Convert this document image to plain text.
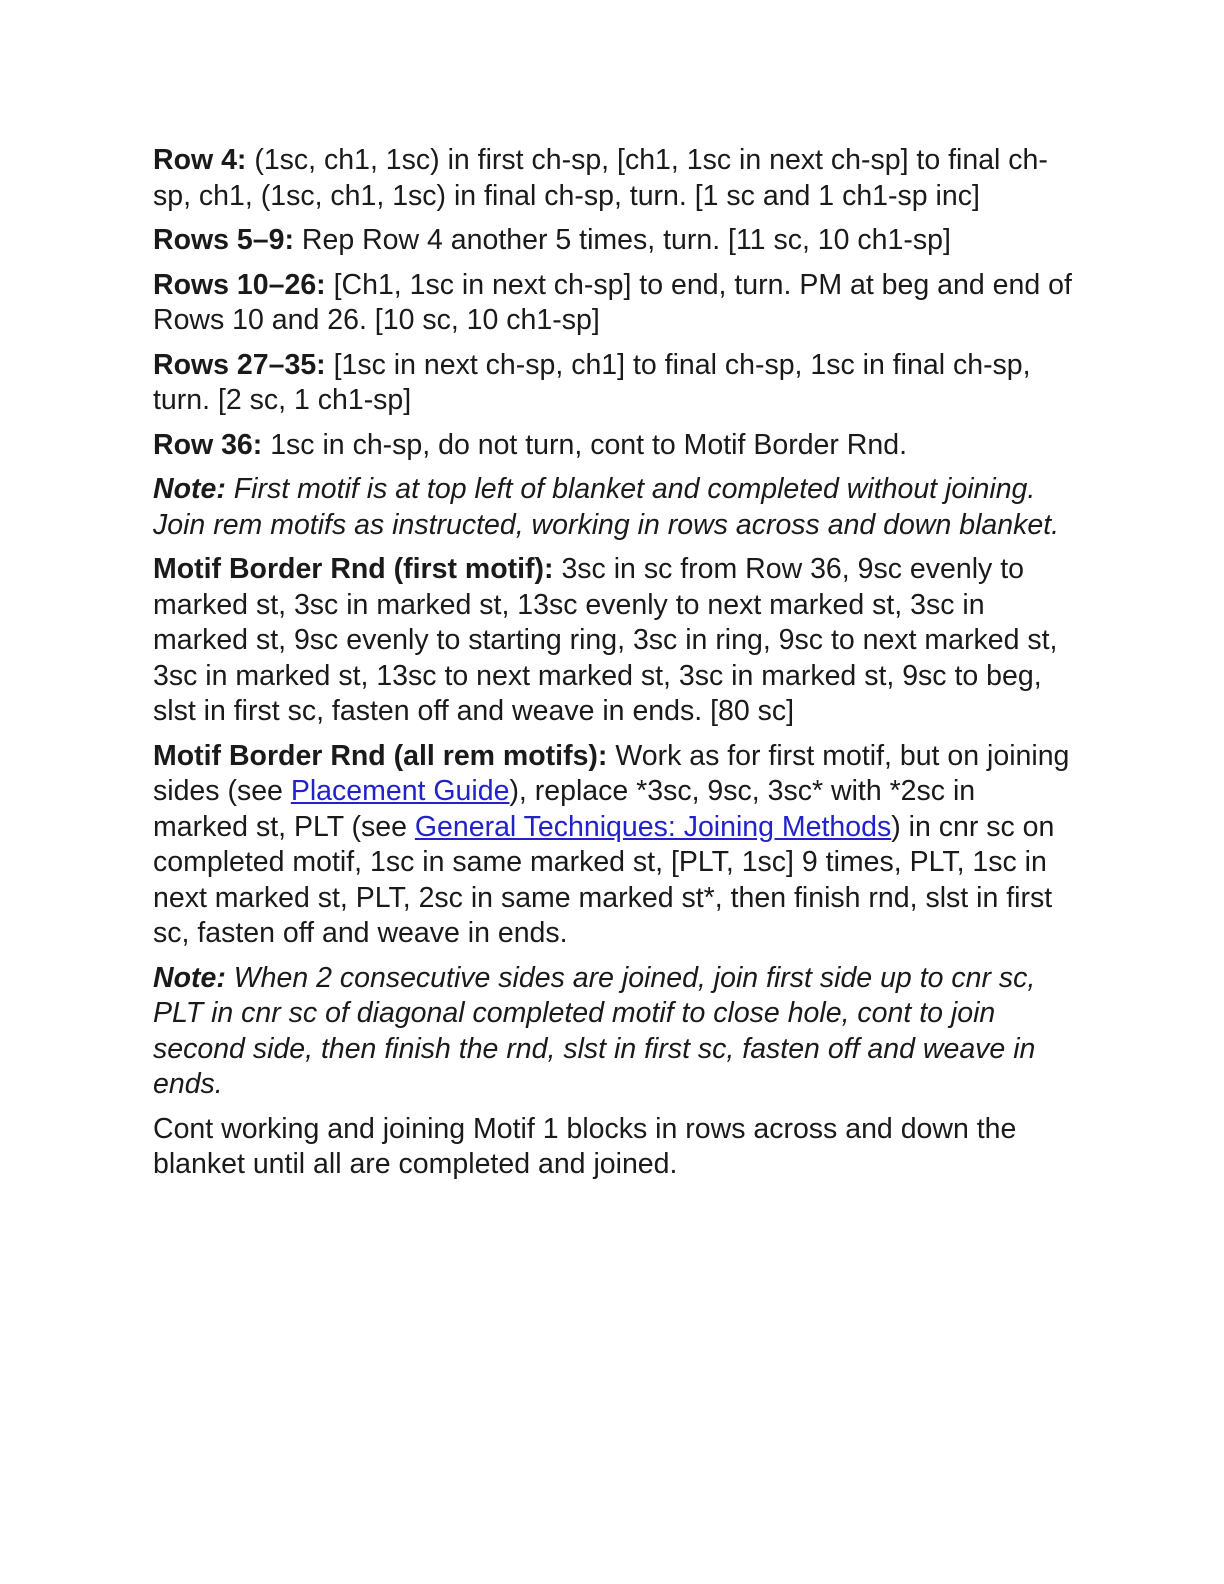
Row 4: (1sc, ch1, 1sc) in first ch-sp, [ch1, 1sc in next ch-sp] to final ch-sp, ch1, (1sc, ch1, 1sc) in final ch-sp, turn. [1 sc and 1 ch1-sp inc]

Rows 5–9: Rep Row 4 another 5 times, turn. [11 sc, 10 ch1-sp]

Rows 10–26: [Ch1, 1sc in next ch-sp] to end, turn. PM at beg and end of Rows 10 and 26. [10 sc, 10 ch1-sp]

Rows 27–35: [1sc in next ch-sp, ch1] to final ch-sp, 1sc in final ch-sp, turn. [2 sc, 1 ch1-sp]

Row 36: 1sc in ch-sp, do not turn, cont to Motif Border Rnd.

Note: First motif is at top left of blanket and completed without joining. Join rem motifs as instructed, working in rows across and down blanket.

Motif Border Rnd (first motif): 3sc in sc from Row 36, 9sc evenly to marked st, 3sc in marked st, 13sc evenly to next marked st, 3sc in marked st, 9sc evenly to starting ring, 3sc in ring, 9sc to next marked st, 3sc in marked st, 13sc to next marked st, 3sc in marked st, 9sc to beg, slst in first sc, fasten off and weave in ends. [80 sc]

Motif Border Rnd (all rem motifs): Work as for first motif, but on joining sides (see Placement Guide), replace *3sc, 9sc, 3sc* with *2sc in marked st, PLT (see General Techniques: Joining Methods) in cnr sc on completed motif, 1sc in same marked st, [PLT, 1sc] 9 times, PLT, 1sc in next marked st, PLT, 2sc in same marked st*, then finish rnd, slst in first sc, fasten off and weave in ends.

Note: When 2 consecutive sides are joined, join first side up to cnr sc, PLT in cnr sc of diagonal completed motif to close hole, cont to join second side, then finish the rnd, slst in first sc, fasten off and weave in ends.

Cont working and joining Motif 1 blocks in rows across and down the blanket until all are completed and joined.
